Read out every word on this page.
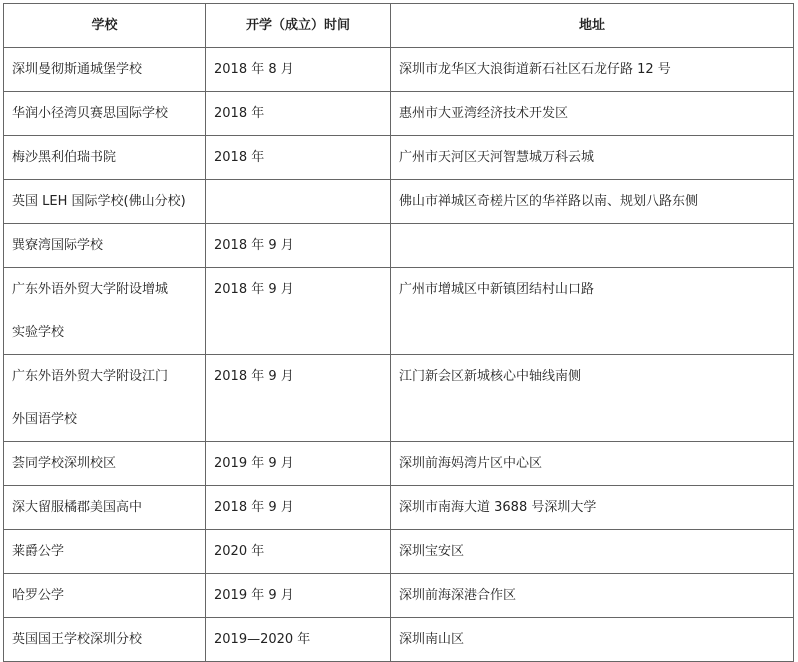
学校	开学（成立）时间	地址

深圳曼彻斯通城堡学校	2018 年 8 月	深圳市龙华区大浪街道新石社区石龙仔路 12 号

华润小径湾贝赛思国际学校	2018 年	惠州市大亚湾经济技术开发区

梅沙黑利伯瑞书院	2018 年	广州市天河区天河智慧城万科云城

英国 LEH 国际学校(佛山分校)		佛山市禅城区奇槎片区的华祥路以南、规划八路东侧

巽寮湾国际学校	2018 年 9 月	

广东外语外贸大学附设增城
实验学校	2018 年 9 月	广州市增城区中新镇团结村山口路

广东外语外贸大学附设江门
外国语学校	2018 年 9 月	江门新会区新城核心中轴线南侧

荟同学校深圳校区	2019 年 9 月	深圳前海妈湾片区中心区

深大留服橘郡美国高中	2018 年 9 月	深圳市南海大道 3688 号深圳大学

莱爵公学	2020 年	深圳宝安区

哈罗公学	2019 年 9 月	深圳前海深港合作区

英国国王学校深圳分校	2019—2020 年	深圳南山区
